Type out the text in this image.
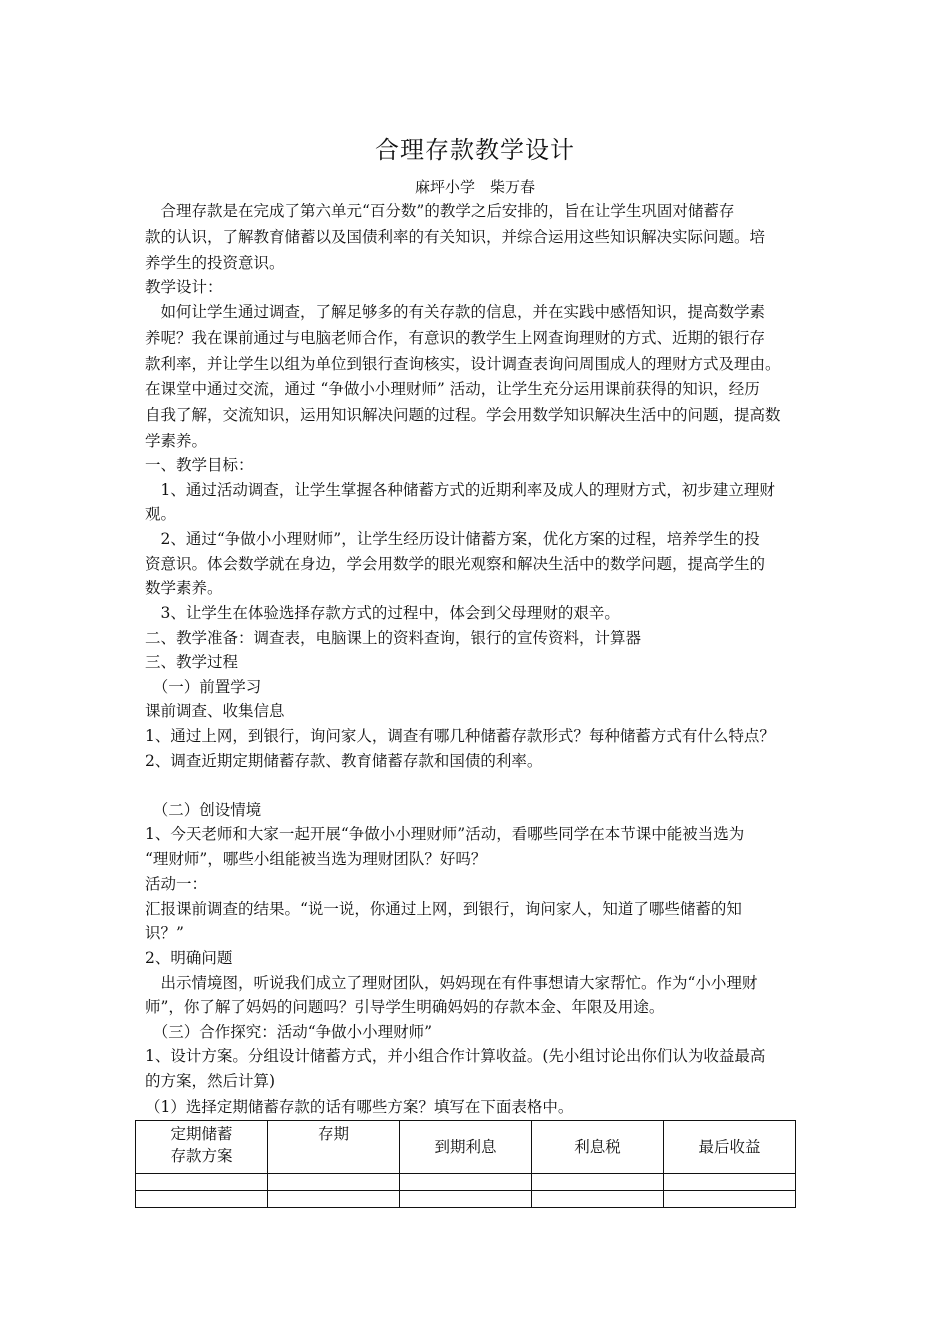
合理存款教学设计
麻坪小学　柴万春
　合理存款是在完成了第六单元“百分数”的教学之后安排的，旨在让学生巩固对储蓄存
款的认识，了解教育储蓄以及国债利率的有关知识，并综合运用这些知识解决实际问题。培
养学生的投资意识。
教学设计：
　如何让学生通过调查，了解足够多的有关存款的信息，并在实践中感悟知识，提高数学素
养呢？我在课前通过与电脑老师合作，有意识的教学生上网查询理财的方式、近期的银行存
款利率，并让学生以组为单位到银行查询核实，设计调查表询问周围成人的理财方式及理由。
在课堂中通过交流，通过 “争做小小理财师” 活动，让学生充分运用课前获得的知识，经历
自我了解，交流知识，运用知识解决问题的过程。学会用数学知识解决生活中的问题，提高数
学素养。
一、教学目标：
　1、通过活动调查，让学生掌握各种储蓄方式的近期利率及成人的理财方式，初步建立理财
观。
　2、通过“争做小小理财师”，让学生经历设计储蓄方案，优化方案的过程，培养学生的投
资意识。体会数学就在身边，学会用数学的眼光观察和解决生活中的数学问题，提高学生的
数学素养。
　3、让学生在体验选择存款方式的过程中，体会到父母理财的艰辛。
二、教学准备：调查表，电脑课上的资料查询，银行的宣传资料，计算器
三、教学过程
　（一）前置学习
课前调查、收集信息
1、通过上网，到银行，询问家人，调查有哪几种储蓄存款形式？每种储蓄方式有什么特点？
2、调查近期定期储蓄存款、教育储蓄存款和国债的利率。
　（二）创设情境
1、今天老师和大家一起开展“争做小小理财师”活动，看哪些同学在本节课中能被当选为
“理财师”，哪些小组能被当选为理财团队？好吗？
活动一：
汇报课前调查的结果。“说一说，你通过上网，到银行，询问家人，知道了哪些储蓄的知
识？”
2、明确问题
　出示情境图，听说我们成立了理财团队，妈妈现在有件事想请大家帮忙。作为“小小理财
师”，你了解了妈妈的问题吗？引导学生明确妈妈的存款本金、年限及用途。
　（三）合作探究：活动“争做小小理财师”
1、设计方案。分组设计储蓄方式，并小组合作计算收益。(先小组讨论出你们认为收益最高
的方案，然后计算)
（1）选择定期储蓄存款的话有哪些方案？填写在下面表格中。
定期储蓄
存款方案	存期	到期利息	利息税	最后收益
